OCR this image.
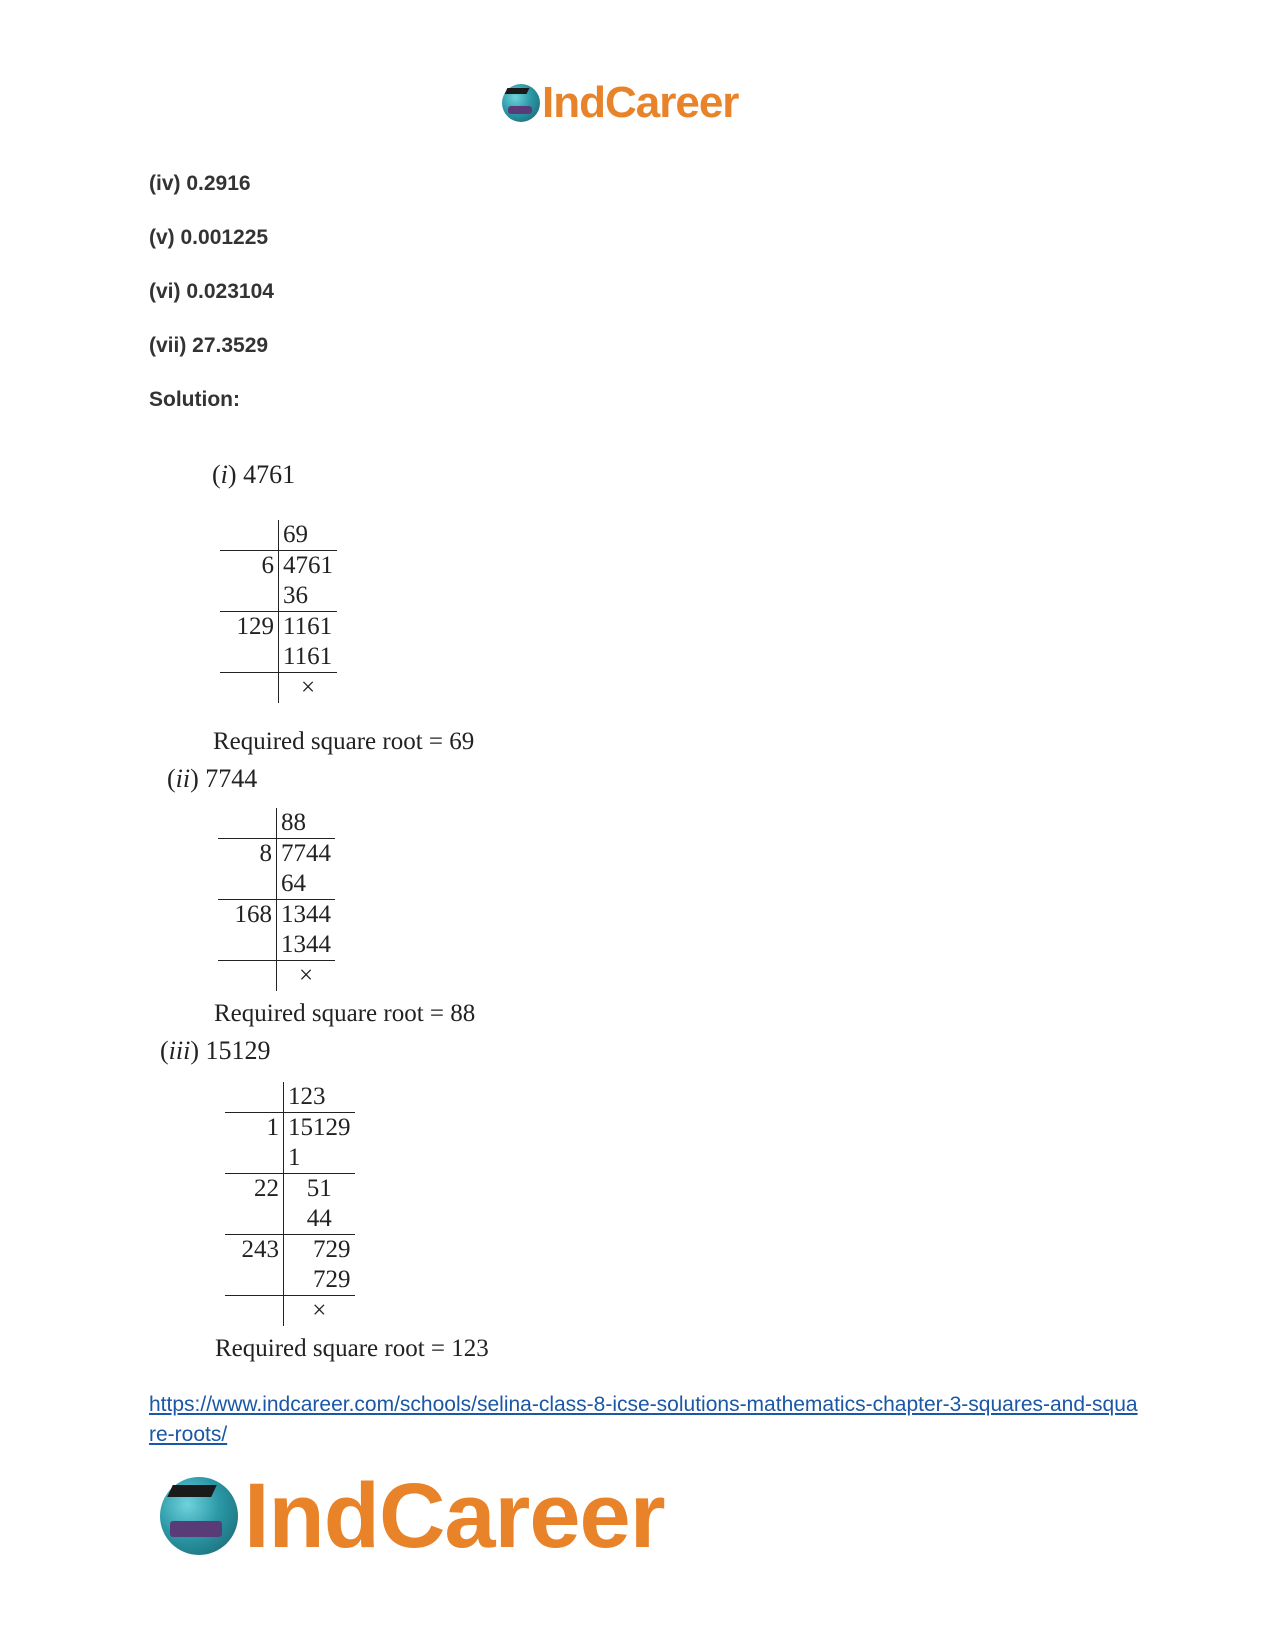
IndCareer
(iv) 0.2916
(v) 0.001225
(vi) 0.023104
(vii) 27.3529
Solution:
(i) 4761
	69
6	4761
	36
129	1161
	1161
	×
Required square root = 69
(ii) 7744
	88
8	7744
	64
168	1344
	1344
	×
Required square root = 88
(iii) 15129
	123
1	15129
	1
22	51
	44
243	729
	729
	×
Required square root = 123
https://www.indcareer.com/schools/selina-class-8-icse-solutions-mathematics-chapter-3-squares-and-square-roots/
IndCareer
